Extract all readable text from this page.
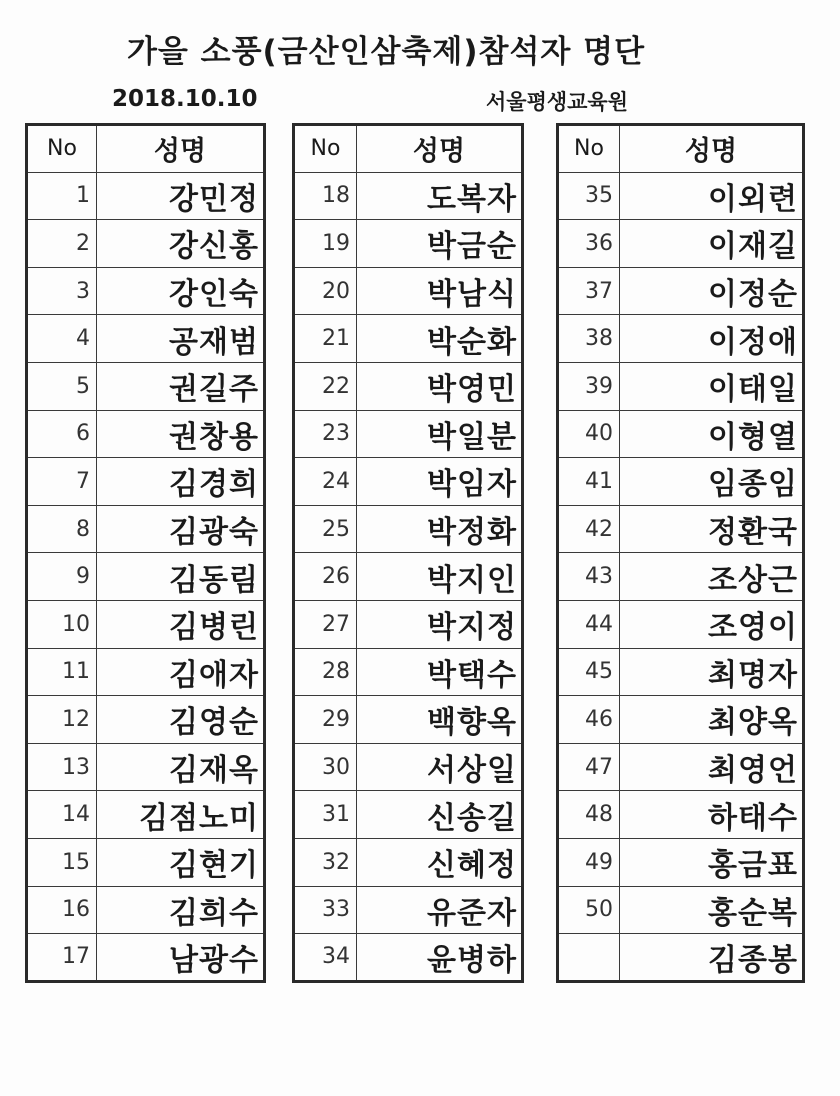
가을 소풍(금산인삼축제)참석자 명단
2018.10.10	서울평생교육원
No	성명
1	강민정
2	강신홍
3	강인숙
4	공재범
5	권길주
6	권창용
7	김경희
8	김광숙
9	김동림
10	김병린
11	김애자
12	김영순
13	김재옥
14	김점노미
15	김현기
16	김희수
17	남광수
No	성명
18	도복자
19	박금순
20	박남식
21	박순화
22	박영민
23	박일분
24	박임자
25	박정화
26	박지인
27	박지정
28	박택수
29	백향옥
30	서상일
31	신송길
32	신혜정
33	유준자
34	윤병하
No	성명
35	이외련
36	이재길
37	이정순
38	이정애
39	이태일
40	이형열
41	임종임
42	정환국
43	조상근
44	조영이
45	최명자
46	최양옥
47	최영언
48	하태수
49	홍금표
50	홍순복
	김종봉
